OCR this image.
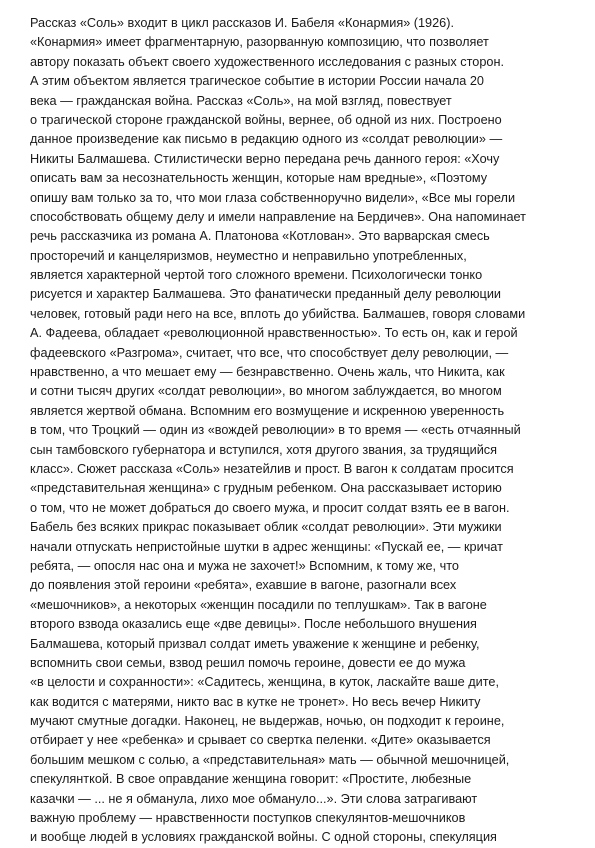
Рассказ «Соль» входит в цикл рассказов И. Бабеля «Конармия» (1926).
«Конармия» имеет фрагментарную, разорванную композицию, что позволяет
автору показать объект своего художественного исследования с разных сторон.
А этим объектом является трагическое событие в истории России начала 20
века — гражданская война. Рассказ «Соль», на мой взгляд, повествует
о трагической стороне гражданской войны, вернее, об одной из них. Построено
данное произведение как письмо в редакцию одного из «солдат революции» —
Никиты Балмашева. Стилистически верно передана речь данного героя: «Хочу
описать вам за несознательность женщин, которые нам вредные», «Поэтому
опишу вам только за то, что мои глаза собственноручно видели», «Все мы горели
способствовать общему делу и имели направление на Бердичев». Она напоминает
речь рассказчика из романа А. Платонова «Котлован». Это варварская смесь
просторечий и канцеляризмов, неуместно и неправильно употребленных,
является характерной чертой того сложного времени. Психологически тонко
рисуется и характер Балмашева. Это фанатически преданный делу революции
человек, готовый ради него на все, вплоть до убийства. Балмашев, говоря словами
А. Фадеева, обладает «революционной нравственностью». То есть он, как и герой
фадеевского «Разгрома», считает, что все, что способствует делу революции, —
нравственно, а что мешает ему — безнравственно. Очень жаль, что Никита, как
и сотни тысяч других «солдат революции», во многом заблуждается, во многом
является жертвой обмана. Вспомним его возмущение и искренною уверенность
в том, что Троцкий — один из «вождей революции» в то время — «есть отчаянный
сын тамбовского губернатора и вступился, хотя другого звания, за трудящийся
класс». Сюжет рассказа «Соль» незатейлив и прост. В вагон к солдатам просится
«представительная женщина» с грудным ребенком. Она рассказывает историю
о том, что не может добраться до своего мужа, и просит солдат взять ее в вагон.
Бабель без всяких прикрас показывает облик «солдат революции». Эти мужики
начали отпускать непристойные шутки в адрес женщины: «Пускай ее, — кричат
ребята, — опосля нас она и мужа не захочет!» Вспомним, к тому же, что
до появления этой героини «ребята», ехавшие в вагоне, разогнали всех
«мешочников», а некоторых «женщин посадили по теплушкам». Так в вагоне
второго взвода оказались еще «две девицы». После небольшого внушения
Балмашева, который призвал солдат иметь уважение к женщине и ребенку,
вспомнить свои семьи, взвод решил помочь героине, довести ее до мужа
«в целости и сохранности»: «Садитесь, женщина, в куток, ласкайте ваше дите,
как водится с матерями, никто вас в кутке не тронет». Но весь вечер Никиту
мучают смутные догадки. Наконец, не выдержав, ночью, он подходит к героине,
отбирает у нее «ребенка» и срывает со свертка пеленки. «Дите» оказывается
большим мешком с солью, а «представительная» мать — обычной мешочницей,
спекулянткой. В свое оправдание женщина говорит: «Простите, любезные
казачки — ... не я обманула, лихо мое обмануло...». Эти слова затрагивают
важную проблему — нравственности поступков спекулянтов-мешочников
и вообще людей в условиях гражданской войны. С одной стороны, спекуляция
